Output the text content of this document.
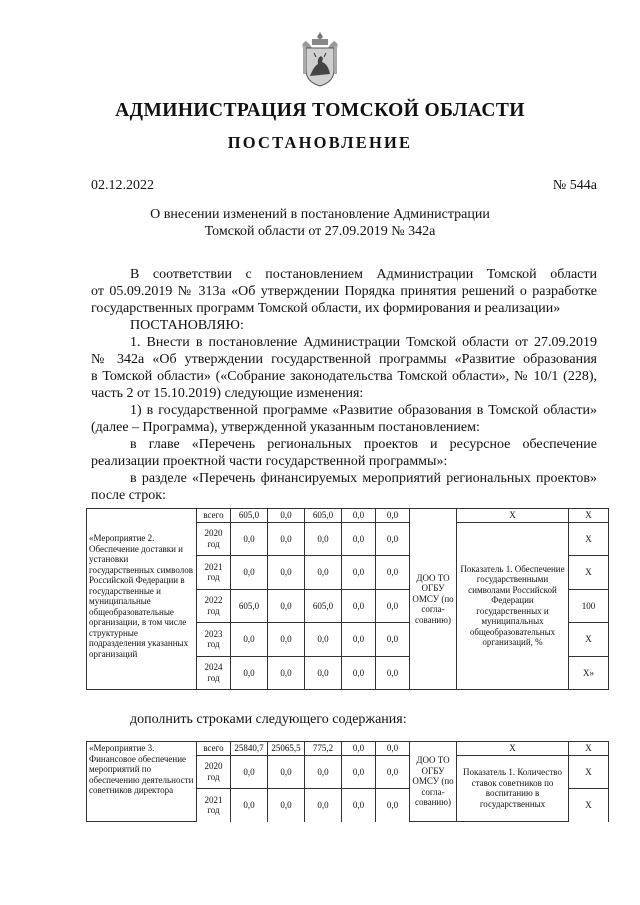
АДМИНИСТРАЦИЯ ТОМСКОЙ ОБЛАСТИ
ПОСТАНОВЛЕНИЕ
02.12.2022	№ 544а
О внесении изменений в постановление Администрации
Томской области от 27.09.2019 № 342а
В соответствии с постановлением Администрации Томской области
от 05.09.2019 № 313а «Об утверждении Порядка принятия решений о разработке
государственных программ Томской области, их формирования и реализации»
ПОСТАНОВЛЯЮ:
1. Внести в постановление Администрации Томской области от 27.09.2019
№ 342а «Об утверждении государственной программы «Развитие образования
в Томской области» («Собрание законодательства Томской области», № 10/1 (228),
часть 2 от 15.10.2019) следующие изменения:
1) в государственной программе «Развитие образования в Томской области»
(далее – Программа), утвержденной указанным постановлением:
в главе «Перечень региональных проектов и ресурсное обеспечение
реализации проектной части государственной программы»:
в разделе «Перечень финансируемых мероприятий региональных проектов»
после строк:
«Мероприятие 2. Обеспечение доставки и установки государственных символов Российской Федерации в государственные и муниципальные общеобразовательные организации, в том числе структурные подразделения указанных организаций	всего	605,0	0,0	605,0	0,0	0,0	ДОО ТО ОГБУ ОМСУ (по согла-сованию)	X	X
	2020 год	0,0	0,0	0,0	0,0	0,0		Показатель 1. Обеспечение государственными символами Российской Федерации государственных и муниципальных общеобразовательных организаций, %	X
	2021 год	0,0	0,0	0,0	0,0	0,0			X
	2022 год	605,0	0,0	605,0	0,0	0,0			100
	2023 год	0,0	0,0	0,0	0,0	0,0			X
	2024 год	0,0	0,0	0,0	0,0	0,0			X»
дополнить строками следующего содержания:
«Мероприятие 3. Финансовое обеспечение мероприятий по обеспечению деятельности советников директора	всего	25840,7	25065,5	775,2	0,0	0,0	ДОО ТО ОГБУ ОМСУ (по согла-сованию)	X	X
	2020 год	0,0	0,0	0,0	0,0	0,0		Показатель 1. Количество ставок советников по воспитанию в государственных	X
	2021 год	0,0	0,0	0,0	0,0	0,0			X
